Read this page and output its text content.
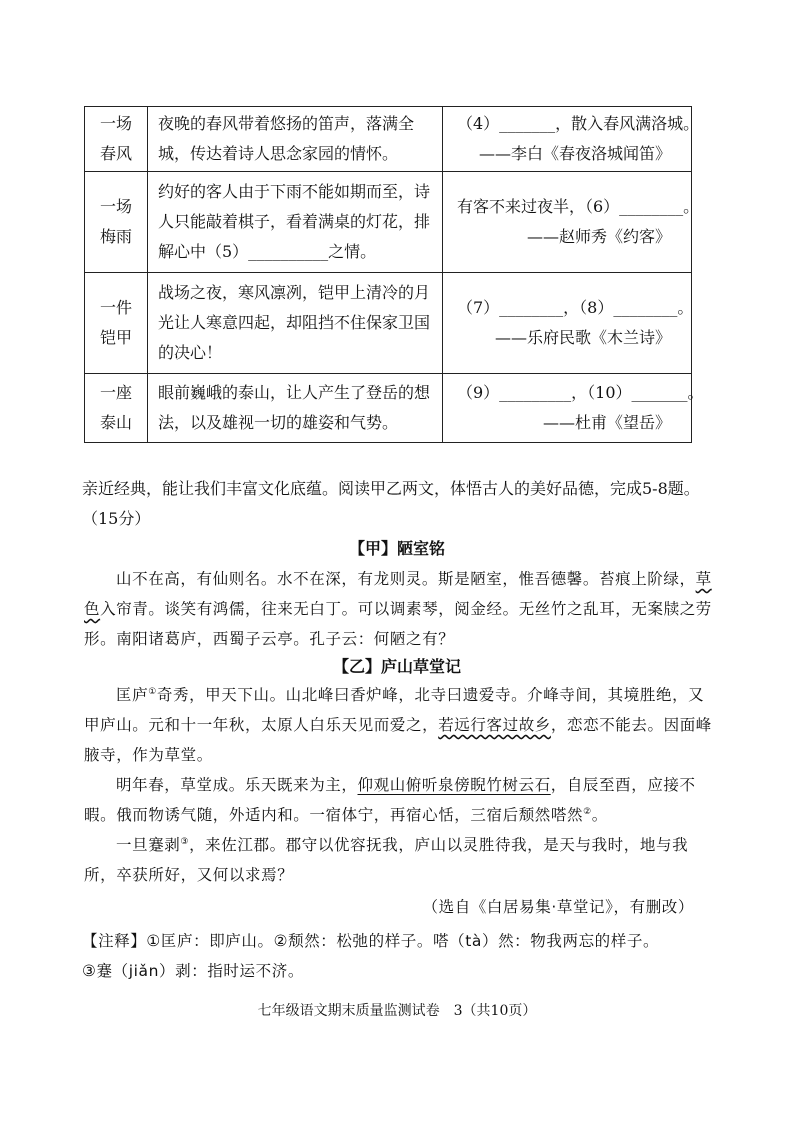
一场
春风	夜晚的春风带着悠扬的笛声，落满全城，传达着诗人思念家园的情怀。	（4）_______，散入春风满洛城。
——李白《春夜洛城闻笛》

一场
梅雨	约好的客人由于下雨不能如期而至，诗人只能敲着棋子，看着满桌的灯花，排解心中（5）__________之情。	有客不来过夜半，（6）________。
——赵师秀《约客》

一件
铠甲	战场之夜，寒风凛冽，铠甲上清冷的月光让人寒意四起，却阻挡不住保家卫国的决心！	（7）________，（8）________。
——乐府民歌《木兰诗》

一座
泰山	眼前巍峨的泰山，让人产生了登岳的想法，以及雄视一切的雄姿和气势。	（9）_________，（10）_______。
——杜甫《望岳》

亲近经典，能让我们丰富文化底蕴。阅读甲乙两文，体悟古人的美好品德，完成5-8题。（15分）

【甲】陋室铭

山不在高，有仙则名。水不在深，有龙则灵。斯是陋室，惟吾德馨。苔痕上阶绿，草色入帘青。谈笑有鸿儒，往来无白丁。可以调素琴，阅金经。无丝竹之乱耳，无案牍之劳形。南阳诸葛庐，西蜀子云亭。孔子云：何陋之有？

【乙】庐山草堂记

匡庐①奇秀，甲天下山。山北峰曰香炉峰，北寺曰遗爱寺。介峰寺间，其境胜绝，又甲庐山。元和十一年秋，太原人白乐天见而爱之，若远行客过故乡，恋恋不能去。因面峰腋寺，作为草堂。

明年春，草堂成。乐天既来为主，仰观山俯听泉傍睨竹树云石，自辰至酉，应接不暇。俄而物诱气随，外适内和。一宿体宁，再宿心恬，三宿后颓然嗒然②。

一旦蹇剥③，来佐江郡。郡守以优容抚我，庐山以灵胜待我，是天与我时，地与我所，卒获所好，又何以求焉？

（选自《白居易集·草堂记》，有删改）

【注释】①匡庐：即庐山。②颓然：松弛的样子。嗒（tà）然：物我两忘的样子。

③蹇（jiǎn）剥：指时运不济。

七年级语文期末质量监测试卷　3（共10页）
